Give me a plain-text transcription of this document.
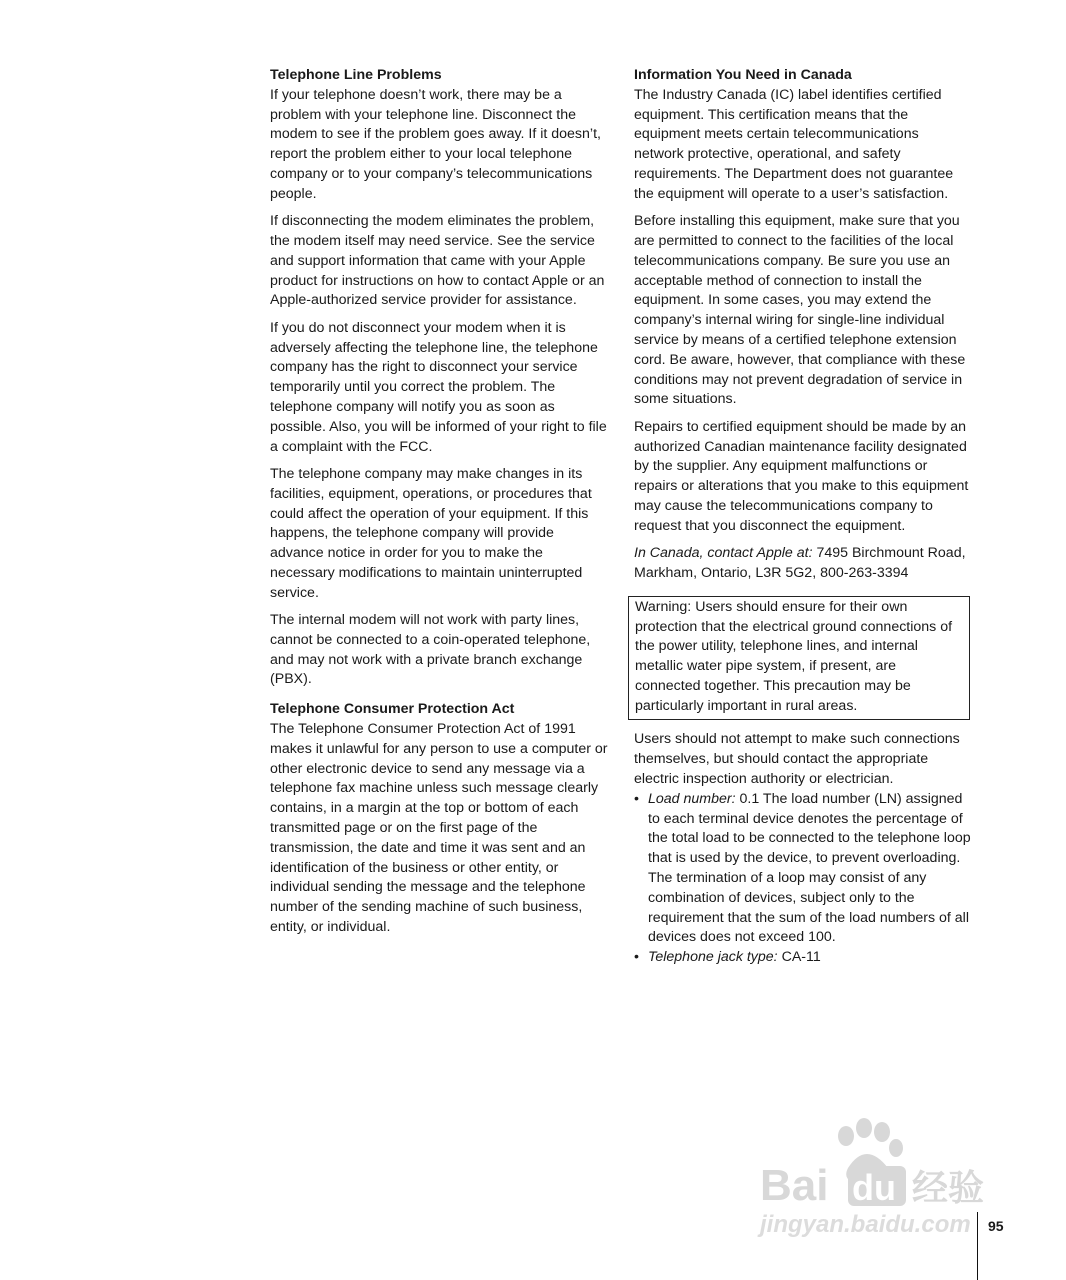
Telephone Line Problems

If your telephone doesn’t work, there may be a problem with your telephone line. Disconnect the modem to see if the problem goes away. If it doesn’t, report the problem either to your local telephone company or to your company’s telecommunications people.

If disconnecting the modem eliminates the problem, the modem itself may need service. See the service and support information that came with your Apple product for instructions on how to contact Apple or an Apple-authorized service provider for assistance.

If you do not disconnect your modem when it is adversely affecting the telephone line, the telephone company has the right to disconnect your service temporarily until you correct the problem. The telephone company will notify you as soon as possible. Also, you will be informed of your right to file a complaint with the FCC.

The telephone company may make changes in its facilities, equipment, operations, or procedures that could affect the operation of your equipment. If this happens, the telephone company will provide advance notice in order for you to make the necessary modifications to maintain uninterrupted service.

The internal modem will not work with party lines, cannot be connected to a coin-operated telephone, and may not work with a private branch exchange (PBX).

Telephone Consumer Protection Act

The Telephone Consumer Protection Act of 1991 makes it unlawful for any person to use a computer or other electronic device to send any message via a telephone fax machine unless such message clearly contains, in a margin at the top or bottom of each transmitted page or on the first page of the transmission, the date and time it was sent and an identification of the business or other entity, or individual sending the message and the telephone number of the sending machine of such business, entity, or individual.

Information You Need in Canada

The Industry Canada (IC) label identifies certified equipment. This certification means that the equipment meets certain telecommunications network protective, operational, and safety requirements. The Department does not guarantee the equipment will operate to a user’s satisfaction.

Before installing this equipment, make sure that you are permitted to connect to the facilities of the local telecommunications company. Be sure you use an acceptable method of connection to install the equipment. In some cases, you may extend the company’s internal wiring for single-line individual service by means of a certified telephone extension cord. Be aware, however, that compliance with these conditions may not prevent degradation of service in some situations.

Repairs to certified equipment should be made by an authorized Canadian maintenance facility designated by the supplier. Any equipment malfunctions or repairs or alterations that you make to this equipment may cause the telecommunications company to request that you disconnect the equipment.

In Canada, contact Apple at: 7495 Birchmount Road, Markham, Ontario, L3R 5G2, 800-263-3394

Warning: Users should ensure for their own protection that the electrical ground connections of the power utility, telephone lines, and internal metallic water pipe system, if present, are connected together. This precaution may be particularly important in rural areas.

Users should not attempt to make such connections themselves, but should contact the appropriate electric inspection authority or electrician.

• Load number: 0.1 The load number (LN) assigned to each terminal device denotes the percentage of the total load to be connected to the telephone loop that is used by the device, to prevent overloading. The termination of a loop may consist of any combination of devices, subject only to the requirement that the sum of the load numbers of all devices does not exceed 100.
• Telephone jack type: CA-11
95
Bai du 经验
jingyan.baidu.com
